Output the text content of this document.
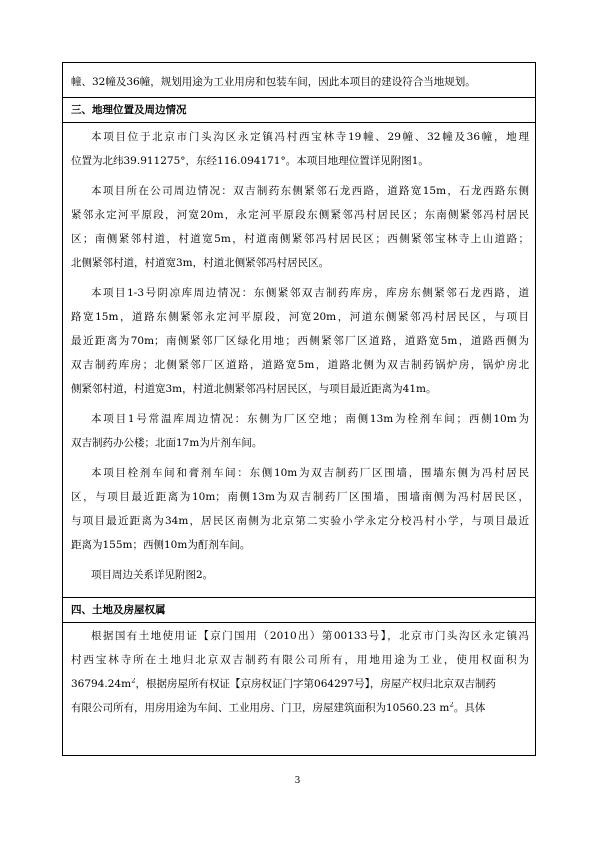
幢、32幢及36幢，规划用途为工业用房和包装车间，因此本项目的建设符合当地规划。
三、地理位置及周边情况
本项目位于北京市门头沟区永定镇冯村西宝林寺19幢、29幢、32幢及36幢，地理
位置为北纬39.911275°，东经116.094171°。本项目地理位置详见附图1。
本项目所在公司周边情况：双吉制药东侧紧邻石龙西路，道路宽15m，石龙西路东侧
紧邻永定河平原段，河宽20m，永定河平原段东侧紧邻冯村居民区；东南侧紧邻冯村居民
区；南侧紧邻村道，村道宽5m，村道南侧紧邻冯村居民区；西侧紧邻宝林寺上山道路；
北侧紧邻村道，村道宽3m，村道北侧紧邻冯村居民区。
本项目1-3号阴凉库周边情况：东侧紧邻双吉制药库房，库房东侧紧邻石龙西路，道
路宽15m，道路东侧紧邻永定河平原段，河宽20m，河道东侧紧邻冯村居民区，与项目
最近距离为70m；南侧紧邻厂区绿化用地；西侧紧邻厂区道路，道路宽5m，道路西侧为
双吉制药库房；北侧紧邻厂区道路，道路宽5m，道路北侧为双吉制药锅炉房，锅炉房北
侧紧邻村道，村道宽3m，村道北侧紧邻冯村居民区，与项目最近距离为41m。
本项目1号常温库周边情况：东侧为厂区空地；南侧13m为栓剂车间；西侧10m为
双吉制药办公楼；北面17m为片剂车间。
本项目栓剂车间和膏剂车间：东侧10m为双吉制药厂区围墙，围墙东侧为冯村居民
区，与项目最近距离为10m；南侧13m为双吉制药厂区围墙，围墙南侧为冯村居民区，
与项目最近距离为34m，居民区南侧为北京第二实验小学永定分校冯村小学，与项目最近
距离为155m；西侧10m为酊剂车间。
项目周边关系详见附图2。
四、土地及房屋权属
根据国有土地使用证【京门国用（2010出）第00133号】，北京市门头沟区永定镇冯
村西宝林寺所在土地归北京双吉制药有限公司所有，用地用途为工业，使用权面积为
$36794.24m^2$，根据房屋所有权证【京房权证门字第064297号】，房屋产权归北京双吉制药
有限公司所有，用房用途为车间、工业用房、门卫，房屋建筑面积为10560.23 $m^2$。具体
3
